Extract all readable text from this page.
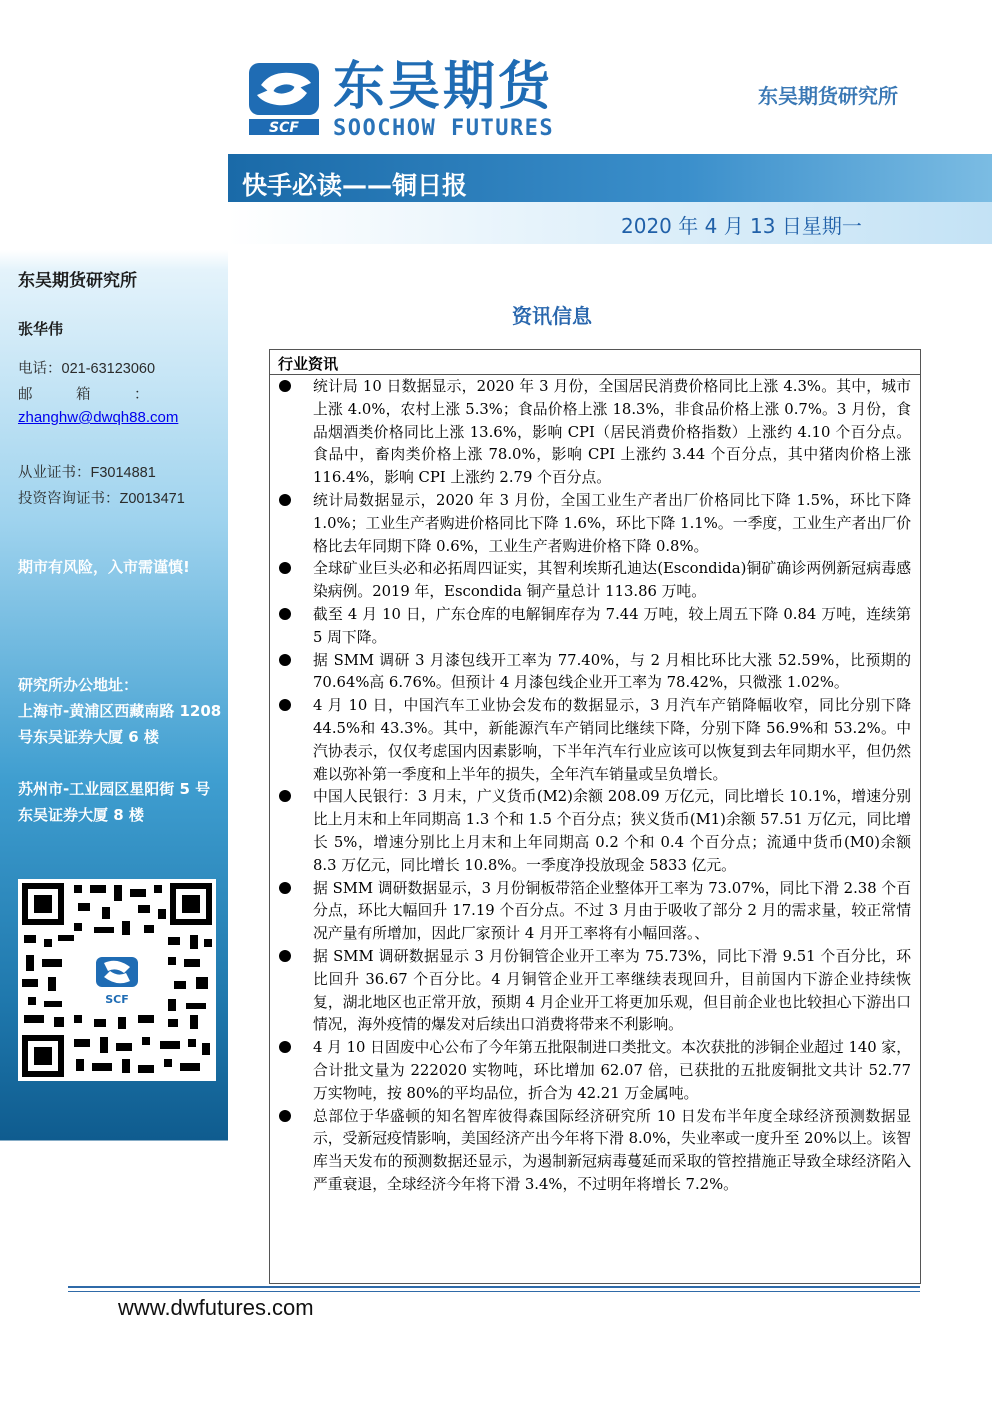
东吴期货研究所
张华伟
电话：021-63123060
邮　　　箱　　　：
zhanghw@dwqh88.com
从业证书：F3014881
投资咨询证书：Z0013471
期市有风险，入市需谨慎!
研究所办公地址：
上海市-黄浦区西藏南路 1208 号东吴证券大厦 6 楼
苏州市-工业园区星阳街 5 号东吴证券大厦 8 楼
SCF
SCF
东吴期货
SOOCHOW FUTURES
东吴期货研究所
快手必读——铜日报
2020 年 4 月 13 日星期一
资讯信息
行业资讯
统计局 10 日数据显示，2020 年 3 月份，全国居民消费价格同比上涨 4.3%。其中，城市上涨 4.0%，农村上涨 5.3%；食品价格上涨 18.3%，非食品价格上涨 0.7%。3 月份，食品烟酒类价格同比上涨 13.6%，影响 CPI（居民消费价格指数）上涨约 4.10 个百分点。食品中，畜肉类价格上涨 78.0%，影响 CPI 上涨约 3.44 个百分点，其中猪肉价格上涨 116.4%，影响 CPI 上涨约 2.79 个百分点。
统计局数据显示，2020 年 3 月份，全国工业生产者出厂价格同比下降 1.5%，环比下降 1.0%；工业生产者购进价格同比下降 1.6%，环比下降 1.1%。一季度，工业生产者出厂价格比去年同期下降 0.6%，工业生产者购进价格下降 0.8%。
全球矿业巨头必和必拓周四证实，其智利埃斯孔迪达(Escondida)铜矿确诊两例新冠病毒感染病例。2019 年，Escondida 铜产量总计 113.86 万吨。
截至 4 月 10 日，广东仓库的电解铜库存为 7.44 万吨，较上周五下降 0.84 万吨，连续第 5 周下降。
据 SMM 调研 3 月漆包线开工率为 77.40%，与 2 月相比环比大涨 52.59%，比预期的 70.64%高 6.76%。但预计 4 月漆包线企业开工率为 78.42%，只微涨 1.02%。
4 月 10 日，中国汽车工业协会发布的数据显示，3 月汽车产销降幅收窄，同比分别下降 44.5%和 43.3%。其中，新能源汽车产销同比继续下降，分别下降 56.9%和 53.2%。中汽协表示，仅仅考虑国内因素影响，下半年汽车行业应该可以恢复到去年同期水平，但仍然难以弥补第一季度和上半年的损失，全年汽车销量或呈负增长。
中国人民银行：3 月末，广义货币(M2)余额 208.09 万亿元，同比增长 10.1%，增速分别比上月末和上年同期高 1.3 个和 1.5 个百分点；狭义货币(M1)余额 57.51 万亿元，同比增长 5%，增速分别比上月末和上年同期高 0.2 个和 0.4 个百分点；流通中货币(M0)余额 8.3 万亿元，同比增长 10.8%。一季度净投放现金 5833 亿元。
据 SMM 调研数据显示，3 月份铜板带箔企业整体开工率为 73.07%，同比下滑 2.38 个百分点，环比大幅回升 17.19 个百分点。不过 3 月由于吸收了部分 2 月的需求量，较正常情况产量有所增加，因此厂家预计 4 月开工率将有小幅回落。、
据 SMM 调研数据显示 3 月份铜管企业开工率为 75.73%，同比下滑 9.51 个百分比，环比回升 36.67 个百分比。4 月铜管企业开工率继续表现回升，目前国内下游企业持续恢复，湖北地区也正常开放，预期 4 月企业开工将更加乐观，但目前企业也比较担心下游出口情况，海外疫情的爆发对后续出口消费将带来不利影响。
4 月 10 日固废中心公布了今年第五批限制进口类批文。本次获批的涉铜企业超过 140 家，合计批文量为 222020 实物吨，环比增加 62.07 倍，已获批的五批废铜批文共计 52.77 万实物吨，按 80%的平均品位，折合为 42.21 万金属吨。
总部位于华盛顿的知名智库彼得森国际经济研究所 10 日发布半年度全球经济预测数据显示，受新冠疫情影响，美国经济产出今年将下滑 8.0%，失业率或一度升至 20%以上。该智库当天发布的预测数据还显示，为遏制新冠病毒蔓延而采取的管控措施正导致全球经济陷入严重衰退，全球经济今年将下滑 3.4%，不过明年将增长 7.2%。
www.dwfutures.com
